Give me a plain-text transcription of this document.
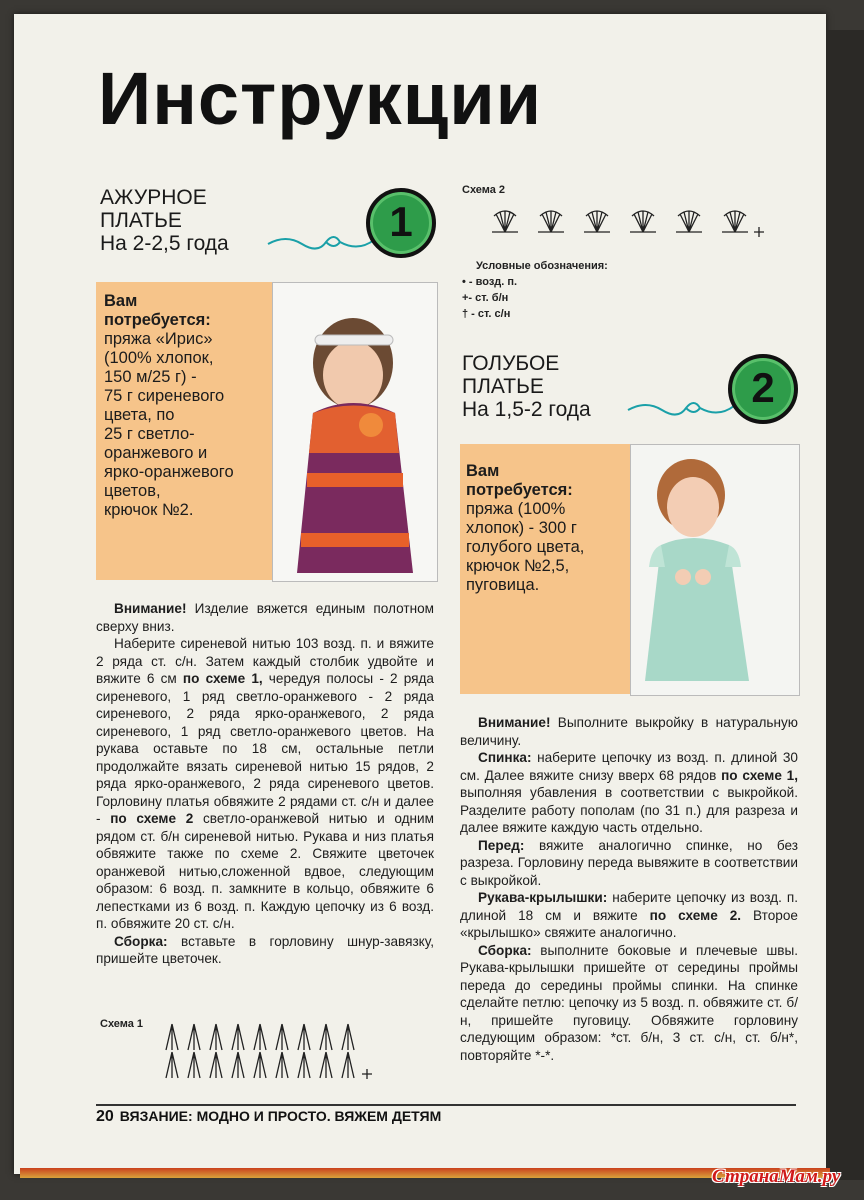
Инструкции
АЖУРНОЕ
ПЛАТЬЕ
На 2-2,5 года	1
Вам
потребуется:
пряжа «Ирис»
(100% хлопок,
150 м/25 г) -
75 г сиреневого
цвета, по
25 г светло-
оранжевого и
ярко-оранжевого
цветов,
крючок №2.

Внимание! Изделие вяжется единым полотном сверху вниз.

Наберите сиреневой нитью 103 возд. п. и вяжите 2 ряда ст. с/н. Затем каждый столбик удвойте и вяжите 6 см по схеме 1, чередуя полосы - 2 ряда сиреневого, 1 ряд светло-оранжевого - 2 ряда сиреневого, 2 ряда ярко-оранжевого, 2 ряда сиреневого, 1 ряд светло-оранжевого цветов. На рукава оставьте по 18 см, остальные петли продолжайте вязать сиреневой нитью 15 рядов, 2 ряда ярко-оранжевого, 2 ряда сиреневого цветов. Горловину платья обвяжите 2 рядами ст. с/н и далее - по схеме 2 светло-оранжевой нитью и одним рядом ст. б/н сиреневой нитью. Рукава и низ платья обвяжите также по схеме 2. Свяжите цветочек оранжевой нитью,сложенной вдвое, следующим образом: 6 возд. п. замкните в кольцо, обвяжите 6 лепестками из 6 возд. п. Каждую цепочку из 6 возд. п. обвяжите 20 ст. с/н.

Сборка: вставьте в горловину шнур-завязку, пришейте цветочек.

Схема 1
Схема 2
Условные обозначения:
• - возд. п.
+- ст. б/н
† - ст. с/н
ГОЛУБОЕ
ПЛАТЬЕ
На 1,5-2 года	2
Вам
потребуется:
пряжа (100%
хлопок) - 300 г
голубого цвета,
крючок №2,5,
пуговица.

Внимание! Выполните выкройку в натуральную величину.

Спинка: наберите цепочку из возд. п. длиной 30 см. Далее вяжите снизу вверх 68 рядов по схеме 1, выполняя убавления в соответствии с выкройкой. Разделите работу пополам (по 31 п.) для разреза и далее вяжите каждую часть отдельно.

Перед: вяжите аналогично спинке, но без разреза. Горловину переда вывяжите в соответствии с выкройкой.

Рукава-крылышки: наберите цепочку из возд. п. длиной 18 см и вяжите по схеме 2. Второе «крылышко» свяжите аналогично.

Сборка: выполните боковые и плечевые швы. Рукава-крылышки пришейте от середины проймы переда до середины проймы спинки. На спинке сделайте петлю: цепочку из 5 возд. п. обвяжите ст. б/н, пришейте пуговицу. Обвяжите горловину следующим образом: *ст. б/н, 3 ст. с/н, ст. б/н*, повторяйте *-*.

20 ВЯЗАНИЕ: МОДНО И ПРОСТО. ВЯЖЕМ ДЕТЯМ
СтранаМам.ру
